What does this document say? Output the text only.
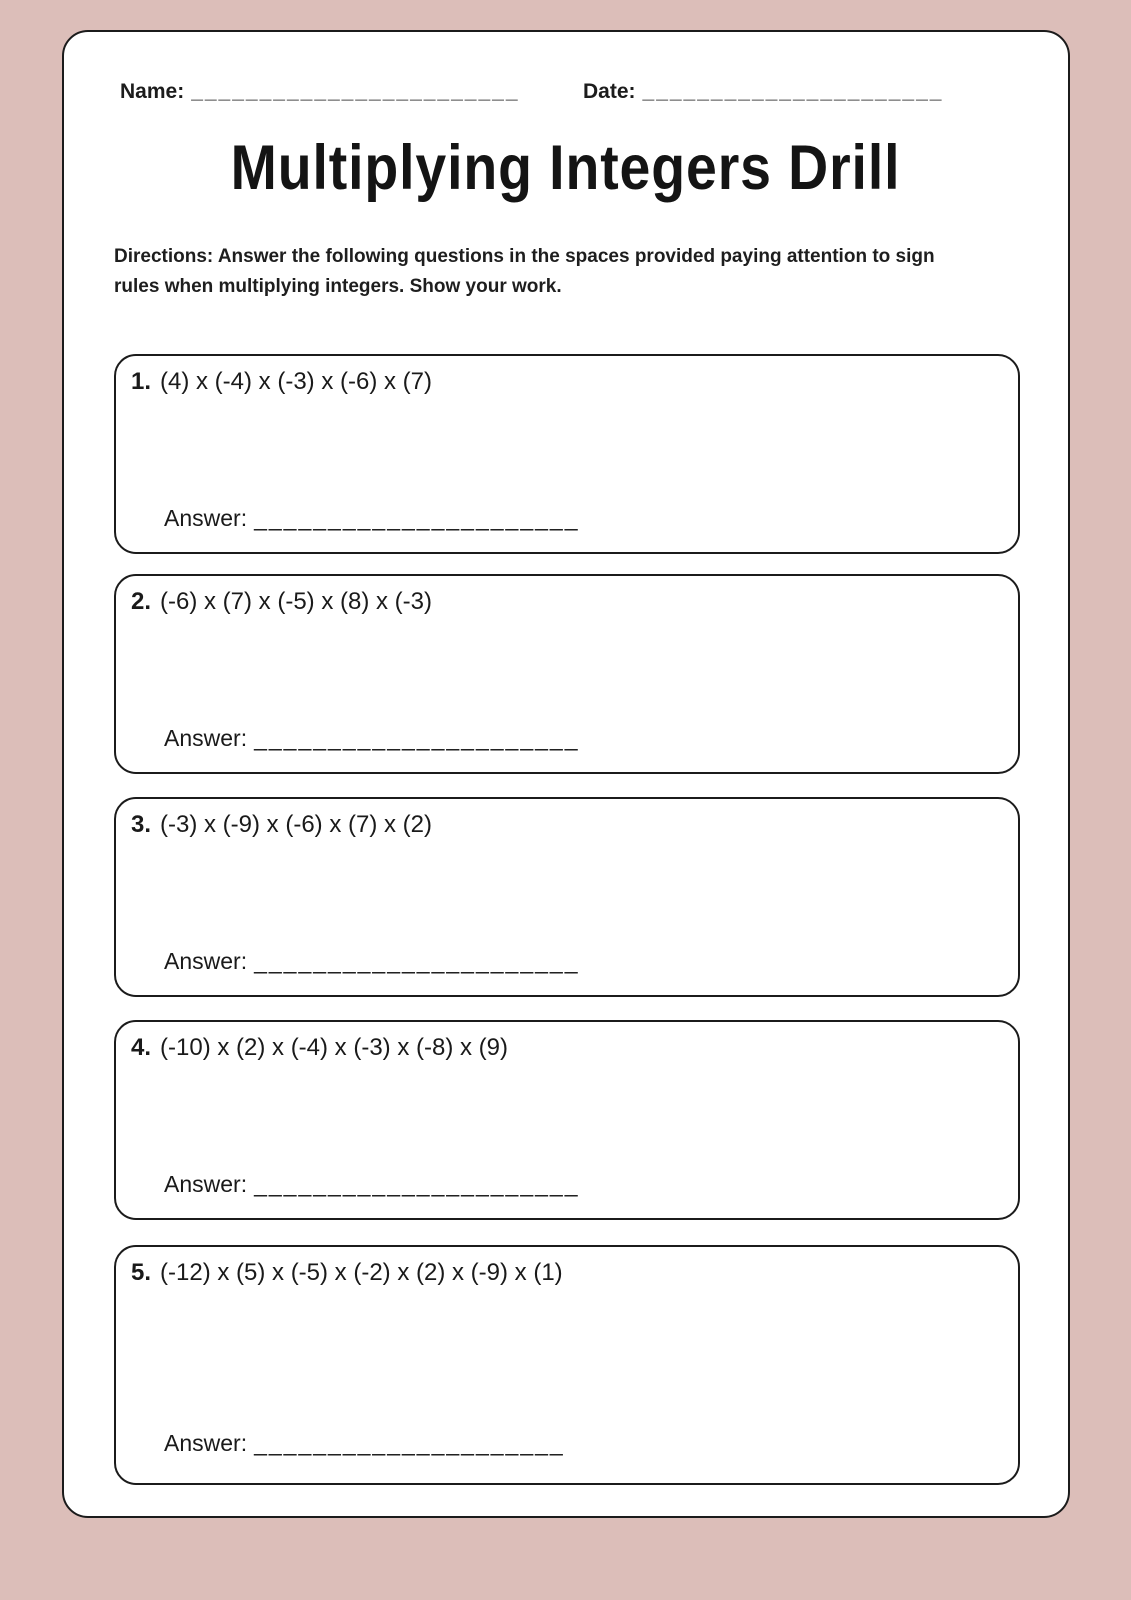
Name: ________________________	Date: ______________________
Multiplying Integers Drill
Directions: Answer the following questions in the spaces provided paying attention to sign rules when multiplying integers. Show your work.
1. (4) x (-4) x (-3) x (-6) x (7)
Answer: ______________________
2. (-6) x (7) x (-5) x (8) x (-3)
Answer: ______________________
3. (-3) x (-9) x (-6) x (7) x (2)
Answer: ______________________
4. (-10) x (2) x (-4) x (-3) x (-8) x (9)
Answer: ______________________
5. (-12) x (5) x (-5) x (-2) x (2) x (-9) x (1)
Answer: _____________________
